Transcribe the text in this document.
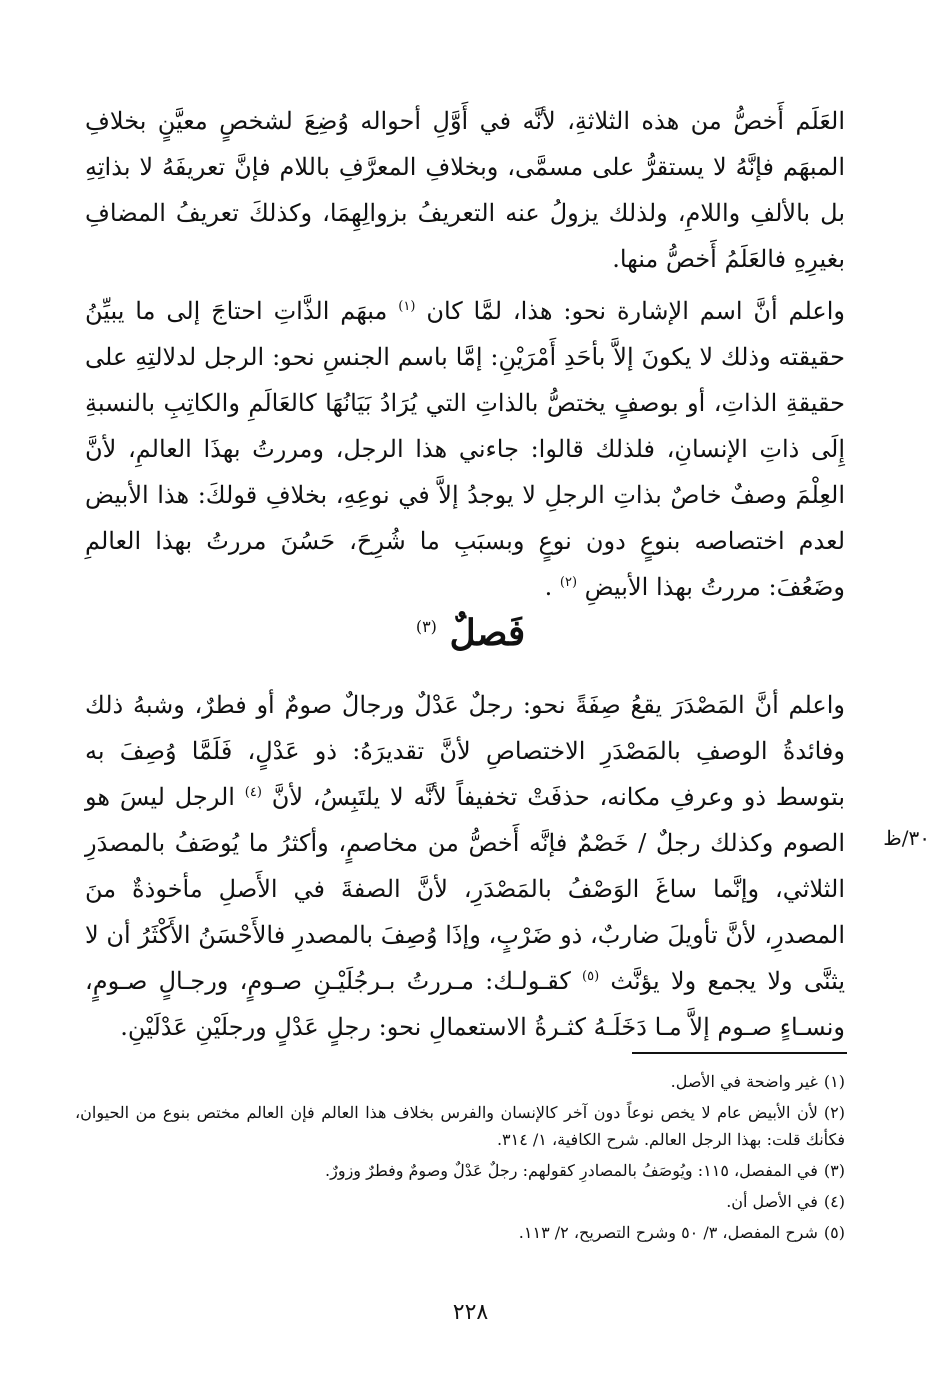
العَلَم أَخصُّ من هذه الثلاثةِ، لأنَّه في أَوَّلِ أحواله وُضِعَ لشخصٍ معيَّنٍ بخلافِ المبهَم فإنَّهُ لا يستقرُّ على مسمَّى، وبخلافِ المعرَّفِ باللام فإنَّ تعريفَهُ لا بذاتِهِ بل بالألفِ واللامِ، ولذلك يزولُ عنه التعريفُ بزوالِهِمَا، وكذلكَ تعريفُ المضافِ بغيرِهِ فالعَلَمُ أَخصُّ منها.

واعلم أنَّ اسم الإشارة نحو: هذا، لمَّا كان $^{(١)}$ مبهَم الذَّاتِ احتاجَ إلى ما يبيِّنُ حقيقته وذلك لا يكونَ إلاَّ بأحَدِ أَمْرَيْنِ: إمَّا باسم الجنسِ نحو: الرجل لدلالتِهِ على حقيقةِ الذاتِ، أو بوصفٍ يختصُّ بالذاتِ التي يُرَادُ بَيَانُهَا كالعَالَمِ والكاتِبِ بالنسبةِ إِلَى ذاتِ الإنسانِ، فلذلك قالوا: جاءني هذا الرجل، ومررتُ بهذَا العالمِ، لأنَّ العِلْمَ وصفٌ خاصٌ بذاتِ الرجلِ لا يوجدُ إلاَّ في نوعِهِ، بخلافِ قولكَ: هذا الأبيض لعدم اختصاصه بنوعٍ دون نوعٍ وبسبَبِ ما شُرِحَ، حَسُنَ مررتُ بهذا العالمِ وضَعُفَ: مررتُ بهذا الأبيضِ $^{(٢)}$ .

فَصلٌ $^{(٣)}$

واعلم أنَّ المَصْدَرَ يقعُ صِفَةً نحو: رجلٌ عَدْلٌ ورجالٌ صومٌ أو فطرٌ، وشبهُ ذلك وفائدةُ الوصفِ بالمَصْدَرِ الاختصاصِ لأنَّ تقديرَهُ: ذو عَدْلٍ، فَلَمَّا وُصِفَ به بتوسط ذو وعرفِ مكانه، حذفَتْ تخفيفاً لأنَّه لا يلتَبِسُ، لأنَّ $^{(٤)}$ الرجل ليسَ هو الصوم وكذلك رجلٌ / خَصْمٌ فإنَّه أَخصُّ من مخاصمٍ، وأكثرُ ما يُوصَفُ بالمصدَرِ الثلاثي، وإنَّما ساغَ الوَصْفُ بالمَصْدَرِ، لأنَّ الصفةَ في الأَصلِ مأخوذةٌ منَ المصدرِ، لأنَّ تأويلَ ضاربٌ، ذو ضَرْبٍ، وإذَا وُصِفَ بالمصدرِ فالأَحْسَنُ الأَكْثَرُ أن لا يثنَّى ولا يجمع ولا يؤنَّث $^{(٥)}$ كقـولـك: مـررتُ بـرجُلَيْـنِ صـومٍ، ورجـالٍ صـومٍ، ونسـاءٍ صـوم إلاَّ مـا دَخَلَـهُ كثـرةُ الاستعمالِ نحو: رجلٍ عَدْلٍ ورجلَيْنِ عَدْلَيْنِ.

٣٠/ظ
(١)غير واضحة في الأصل.
(٢)لأن الأبيض عام لا يخص نوعاً دون آخر كالإنسان والفرس بخلاف هذا العالم فإن العالم مختص بنوع من الحيوان، فكأنك قلت: بهذا الرجل العالم. شرح الكافية، ١/ ٣١٤.
(٣)في المفصل، ١١٥: ويُوصَفُ بالمصادرِ كقولهم: رجلٌ عَدْلٌ وصومٌ وفطرٌ وزورٌ.
(٤)في الأصل أن.
(٥)شرح المفصل، ٣/ ٥٠ وشرح التصريح، ٢/ ١١٣.
٢٢٨
